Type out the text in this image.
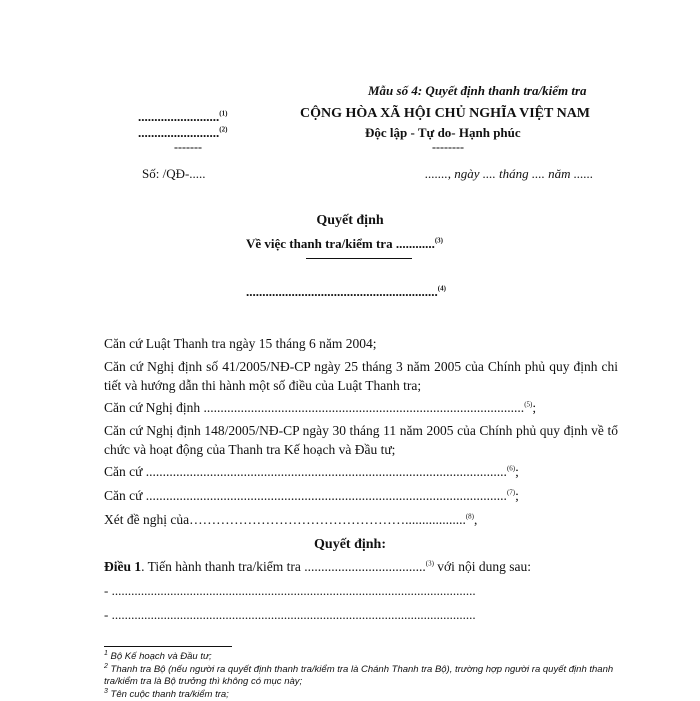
Mẫu số 4: Quyết định thanh tra/kiểm tra
.........................$^{(1)}$
.........................$^{(2)}$
-------
CỘNG HÒA XÃ HỘI CHỦ NGHĨA VIỆT NAM
Độc lập - Tự do- Hạnh phúc
--------
Số: /QĐ-.....	......., ngày .... tháng .... năm ......
Quyết định
Về việc thanh tra/kiểm tra ............$^{(3)}$
...........................................................$^{(4)}$
Căn cứ Luật Thanh tra ngày 15 tháng 6 năm 2004;
Căn cứ Nghị định số 41/2005/NĐ-CP ngày 25 tháng 3 năm 2005 của Chính phủ quy định chi tiết và hướng dẫn thi hành một số điều của Luật Thanh tra;
Căn cứ Nghị định ...............................................................................................$^{(5)}$;
Căn cứ Nghị định 148/2005/NĐ-CP ngày 30 tháng 11 năm 2005 của Chính phủ quy định về tổ chức và hoạt động của Thanh tra Kế hoạch và Đầu tư;
Căn cứ ...........................................................................................................$^{(6)}$;
Căn cứ ...........................................................................................................$^{(7)}$;
Xét đề nghị của…………………………………………..................$^{(8)}$,
Quyết định:
Điều 1. Tiến hành thanh tra/kiểm tra ....................................$^{(3)}$ với nội dung sau:
- ................................................................................................................
- ................................................................................................................
$^1$ Bộ Kế hoạch và Đầu tư;
$^2$ Thanh tra Bộ (nếu người ra quyết định thanh tra/kiểm tra là Chánh Thanh tra Bộ), trường hợp người ra quyết định thanh tra/kiểm tra là Bộ trưởng thì không có mục này;
$^3$ Tên cuộc thanh tra/kiểm tra;
